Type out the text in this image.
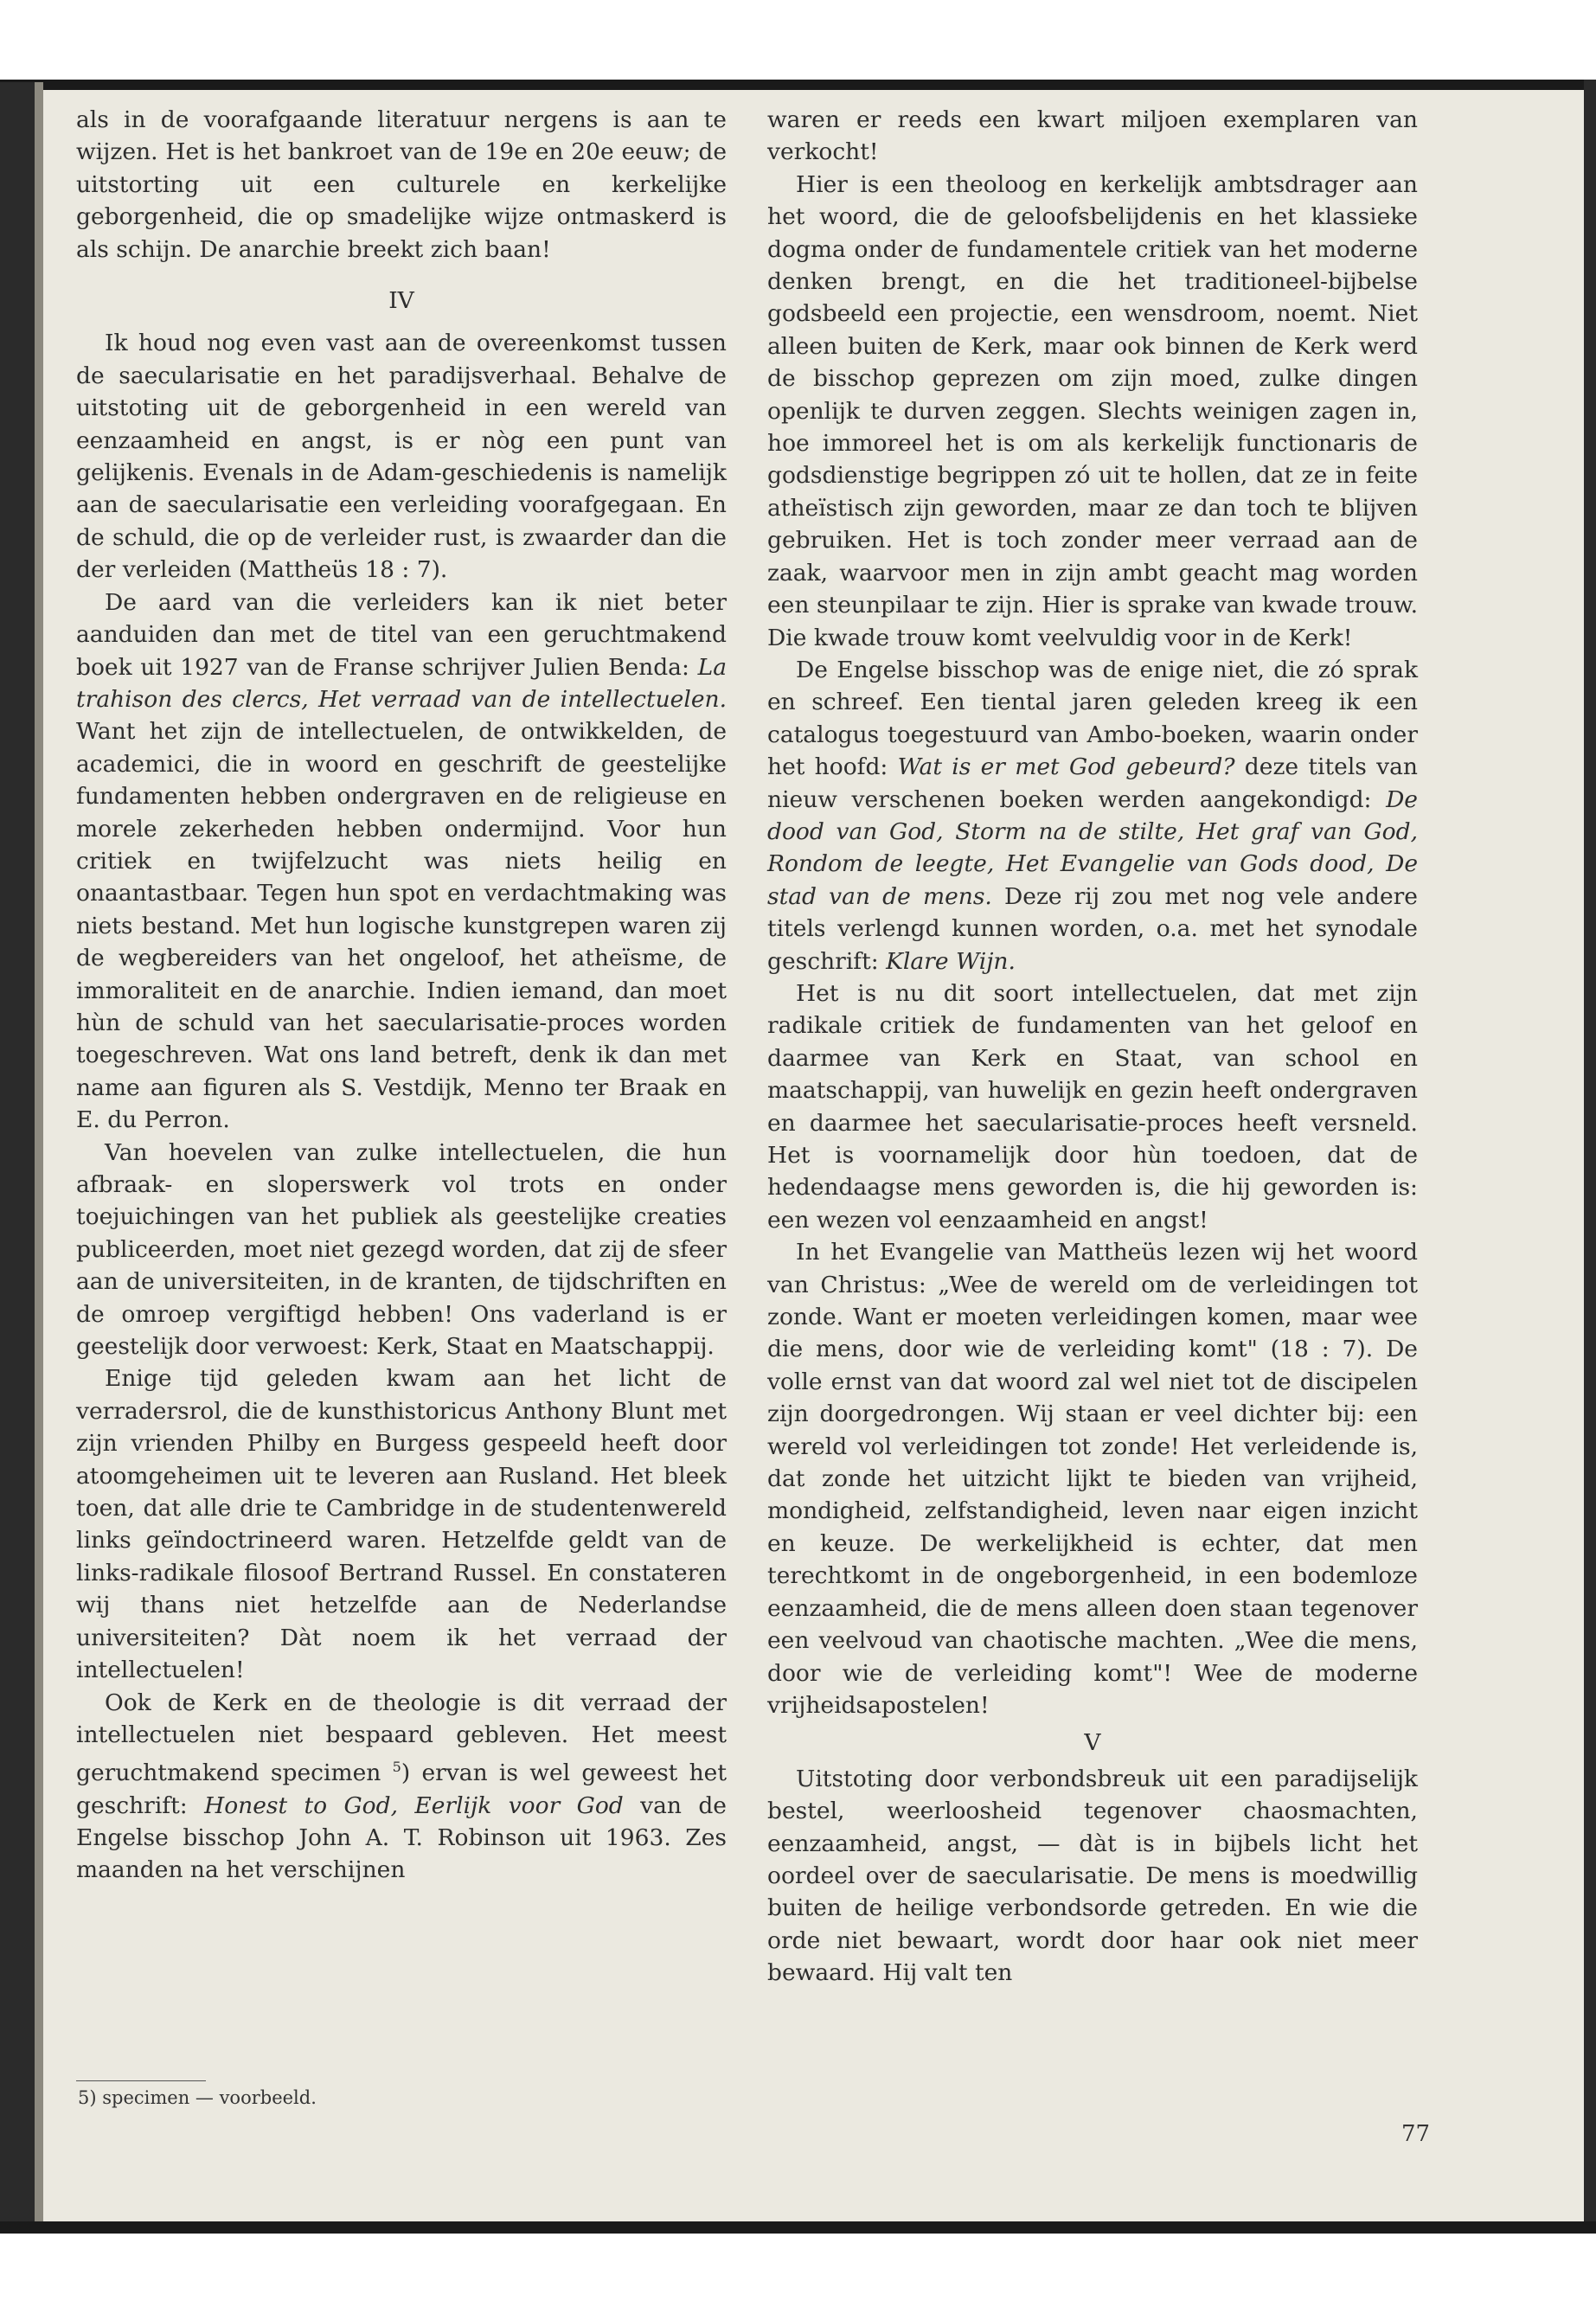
als in de voorafgaande literatuur nergens is aan te wijzen. Het is het bankroet van de 19e en 20e eeuw; de uitstorting uit een culturele en kerkelijke geborgenheid, die op smadelijke wijze ontmaskerd is als schijn. De anarchie breekt zich baan!

IV

Ik houd nog even vast aan de overeenkomst tussen de saecularisatie en het paradijsverhaal. Behalve de uitstoting uit de geborgenheid in een wereld van eenzaamheid en angst, is er nòg een punt van gelijkenis. Evenals in de Adam-geschiedenis is namelijk aan de saecularisatie een verleiding voorafgegaan. En de schuld, die op de verleider rust, is zwaarder dan die der verleiden (Mattheüs 18 : 7).

De aard van die verleiders kan ik niet beter aanduiden dan met de titel van een geruchtmakend boek uit 1927 van de Franse schrijver Julien Benda: La trahison des clercs, Het verraad van de intellectuelen. Want het zijn de intellectuelen, de ontwikkelden, de academici, die in woord en geschrift de geestelijke fundamenten hebben ondergraven en de religieuse en morele zekerheden hebben ondermijnd. Voor hun critiek en twijfelzucht was niets heilig en onaantastbaar. Tegen hun spot en verdachtmaking was niets bestand. Met hun logische kunstgrepen waren zij de wegbereiders van het ongeloof, het atheïsme, de immoraliteit en de anarchie. Indien iemand, dan moet hùn de schuld van het saecularisatie-proces worden toegeschreven. Wat ons land betreft, denk ik dan met name aan figuren als S. Vestdijk, Menno ter Braak en E. du Perron.

Van hoevelen van zulke intellectuelen, die hun afbraak- en sloperswerk vol trots en onder toejuichingen van het publiek als geestelijke creaties publiceerden, moet niet gezegd worden, dat zij de sfeer aan de universiteiten, in de kranten, de tijdschriften en de omroep vergiftigd hebben! Ons vaderland is er geestelijk door verwoest: Kerk, Staat en Maatschappij.

Enige tijd geleden kwam aan het licht de verradersrol, die de kunsthistoricus Anthony Blunt met zijn vrienden Philby en Burgess gespeeld heeft door atoomgeheimen uit te leveren aan Rusland. Het bleek toen, dat alle drie te Cambridge in de studentenwereld links geïndoctrineerd waren. Hetzelfde geldt van de links-radikale filosoof Bertrand Russel. En constateren wij thans niet hetzelfde aan de Nederlandse universiteiten? Dàt noem ik het verraad der intellectuelen!

Ook de Kerk en de theologie is dit verraad der intellectuelen niet bespaard gebleven. Het meest geruchtmakend specimen $^5$) ervan is wel geweest het geschrift: Honest to God, Eerlijk voor God van de Engelse bisschop John A. T. Robinson uit 1963. Zes maanden na het verschijnen

waren er reeds een kwart miljoen exemplaren van verkocht!

Hier is een theoloog en kerkelijk ambtsdrager aan het woord, die de geloofsbelijdenis en het klassieke dogma onder de fundamentele critiek van het moderne denken brengt, en die het traditioneel-bijbelse godsbeeld een projectie, een wensdroom, noemt. Niet alleen buiten de Kerk, maar ook binnen de Kerk werd de bisschop geprezen om zijn moed, zulke dingen openlijk te durven zeggen. Slechts weinigen zagen in, hoe immoreel het is om als kerkelijk functionaris de godsdienstige begrippen zó uit te hollen, dat ze in feite atheïstisch zijn geworden, maar ze dan toch te blijven gebruiken. Het is toch zonder meer verraad aan de zaak, waarvoor men in zijn ambt geacht mag worden een steunpilaar te zijn. Hier is sprake van kwade trouw. Die kwade trouw komt veelvuldig voor in de Kerk!

De Engelse bisschop was de enige niet, die zó sprak en schreef. Een tiental jaren geleden kreeg ik een catalogus toegestuurd van Ambo-boeken, waarin onder het hoofd: Wat is er met God gebeurd? deze titels van nieuw verschenen boeken werden aangekondigd: De dood van God, Storm na de stilte, Het graf van God, Rondom de leegte, Het Evangelie van Gods dood, De stad van de mens. Deze rij zou met nog vele andere titels verlengd kunnen worden, o.a. met het synodale geschrift: Klare Wijn.

Het is nu dit soort intellectuelen, dat met zijn radikale critiek de fundamenten van het geloof en daarmee van Kerk en Staat, van school en maatschappij, van huwelijk en gezin heeft ondergraven en daarmee het saecularisatie-proces heeft versneld. Het is voornamelijk door hùn toedoen, dat de hedendaagse mens geworden is, die hij geworden is: een wezen vol eenzaamheid en angst!

In het Evangelie van Mattheüs lezen wij het woord van Christus: „Wee de wereld om de verleidingen tot zonde. Want er moeten verleidingen komen, maar wee die mens, door wie de verleiding komt" (18 : 7). De volle ernst van dat woord zal wel niet tot de discipelen zijn doorgedrongen. Wij staan er veel dichter bij: een wereld vol verleidingen tot zonde! Het verleidende is, dat zonde het uitzicht lijkt te bieden van vrijheid, mondigheid, zelfstandigheid, leven naar eigen inzicht en keuze. De werkelijkheid is echter, dat men terechtkomt in de ongeborgenheid, in een bodemloze eenzaamheid, die de mens alleen doen staan tegenover een veelvoud van chaotische machten. „Wee die mens, door wie de verleiding komt"! Wee de moderne vrijheidsapostelen!

V

Uitstoting door verbondsbreuk uit een paradijselijk bestel, weerloosheid tegenover chaosmachten, eenzaamheid, angst, — dàt is in bijbels licht het oordeel over de saecularisatie. De mens is moedwillig buiten de heilige verbondsorde getreden. En wie die orde niet bewaart, wordt door haar ook niet meer bewaard. Hij valt ten

5) specimen — voorbeeld.
77
